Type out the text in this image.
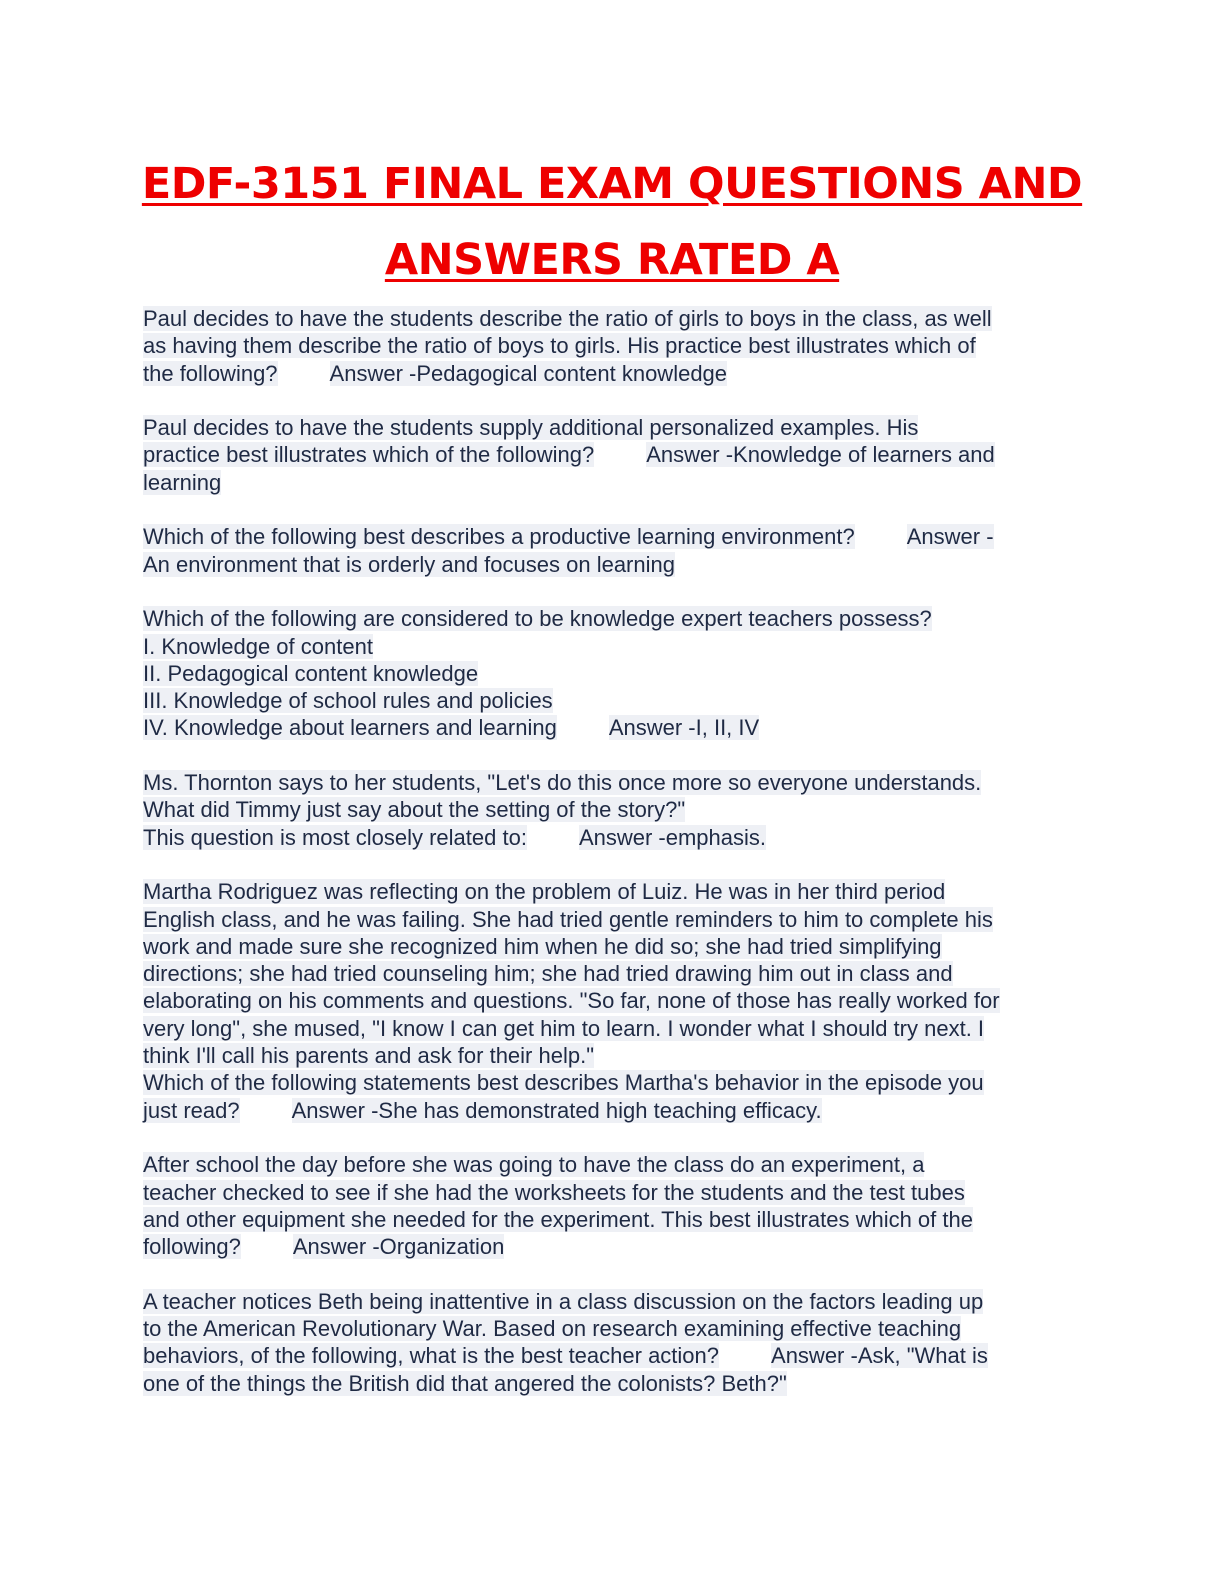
EDF-3151 FINAL EXAM QUESTIONS AND
ANSWERS RATED A
Paul decides to have the students describe the ratio of girls to boys in the class, as well
as having them describe the ratio of boys to girls. His practice best illustrates which of
the following? Answer -Pedagogical content knowledge
Paul decides to have the students supply additional personalized examples. His
practice best illustrates which of the following? Answer -Knowledge of learners and
learning
Which of the following best describes a productive learning environment? Answer -
An environment that is orderly and focuses on learning
Which of the following are considered to be knowledge expert teachers possess?
I. Knowledge of content
II. Pedagogical content knowledge
III. Knowledge of school rules and policies
IV. Knowledge about learners and learning Answer -I, II, IV
Ms. Thornton says to her students, "Let's do this once more so everyone understands.
What did Timmy just say about the setting of the story?"
This question is most closely related to: Answer -emphasis.
Martha Rodriguez was reflecting on the problem of Luiz. He was in her third period
English class, and he was failing. She had tried gentle reminders to him to complete his
work and made sure she recognized him when he did so; she had tried simplifying
directions; she had tried counseling him; she had tried drawing him out in class and
elaborating on his comments and questions. "So far, none of those has really worked for
very long", she mused, "I know I can get him to learn. I wonder what I should try next. I
think I'll call his parents and ask for their help."
Which of the following statements best describes Martha's behavior in the episode you
just read? Answer -She has demonstrated high teaching efficacy.
After school the day before she was going to have the class do an experiment, a
teacher checked to see if she had the worksheets for the students and the test tubes
and other equipment she needed for the experiment. This best illustrates which of the
following? Answer -Organization
A teacher notices Beth being inattentive in a class discussion on the factors leading up
to the American Revolutionary War. Based on research examining effective teaching
behaviors, of the following, what is the best teacher action? Answer -Ask, "What is
one of the things the British did that angered the colonists? Beth?"
